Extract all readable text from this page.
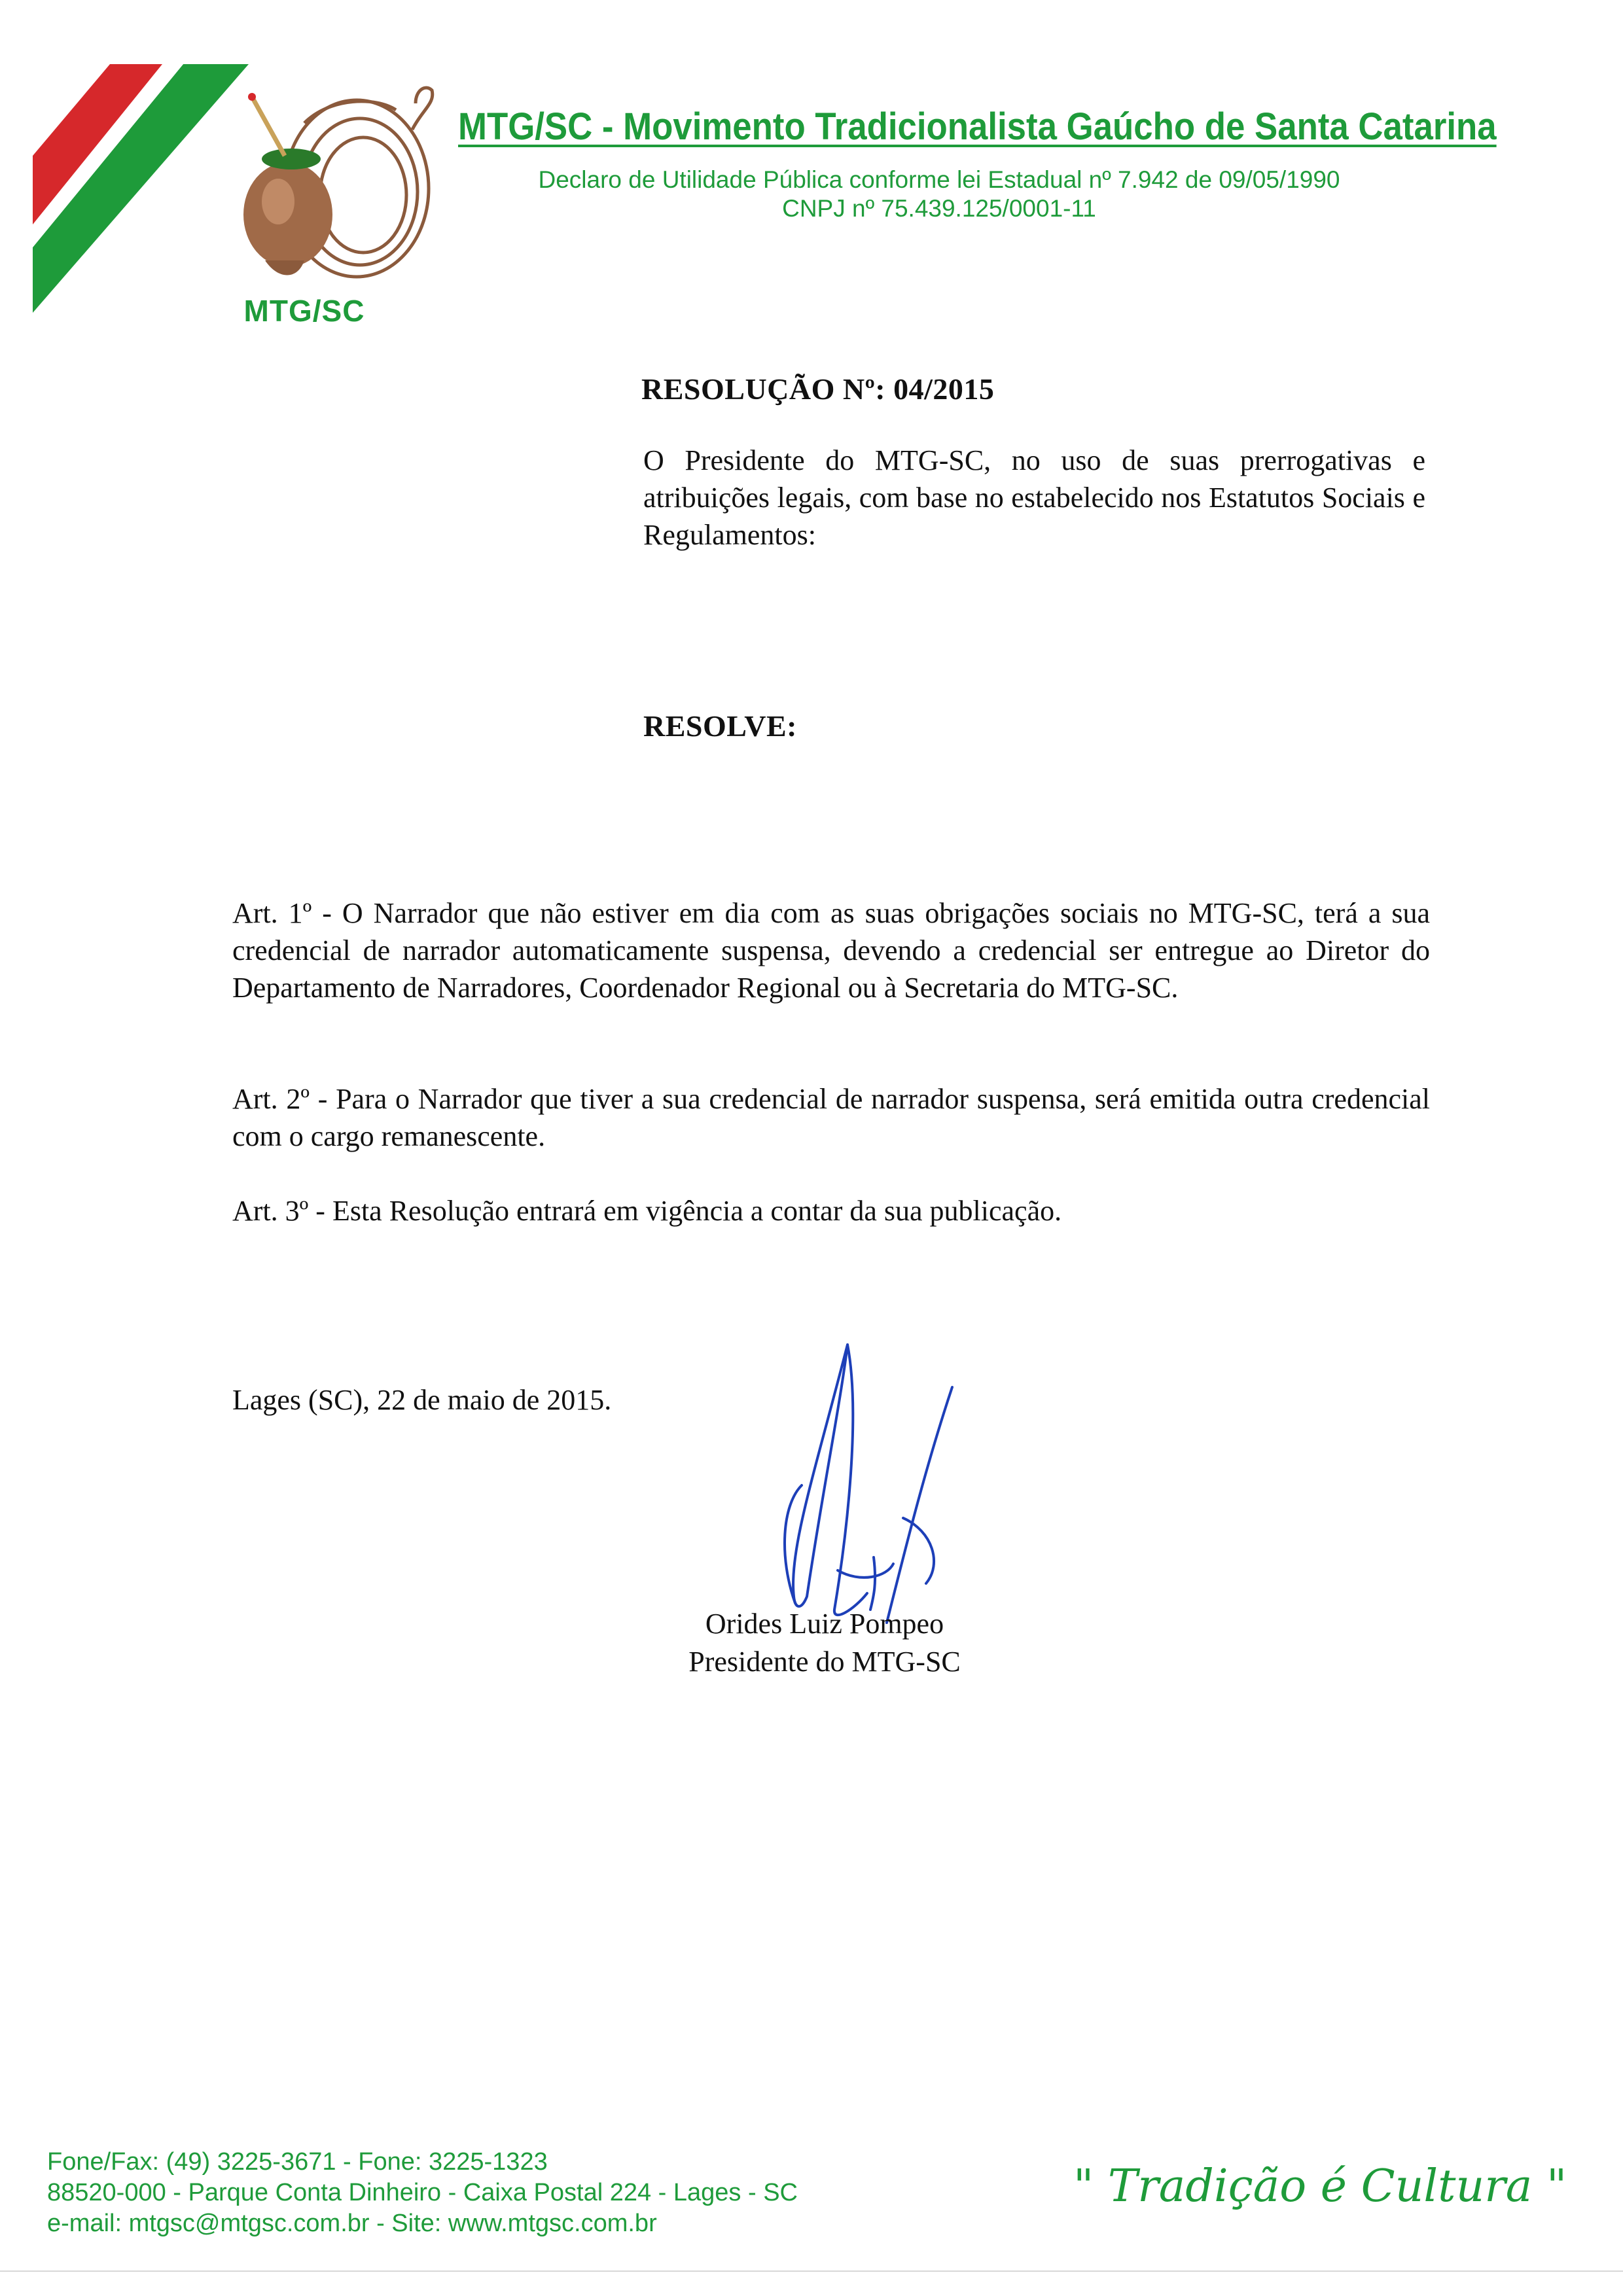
MTG/SC
MTG/SC - Movimento Tradicionalista Gaúcho de Santa Catarina
Declaro de Utilidade Pública conforme lei Estadual nº 7.942 de 09/05/1990
CNPJ nº 75.439.125/0001-11
RESOLUÇÃO Nº: 04/2015
O Presidente do MTG-SC, no uso de suas prerrogativas e atribuições legais, com base no estabelecido nos Estatutos Sociais e Regulamentos:
RESOLVE:
Art. 1º - O Narrador que não estiver em dia com as suas obrigações sociais no MTG-SC, terá a sua credencial de narrador automaticamente suspensa, devendo a credencial ser entregue ao Diretor do Departamento de Narradores, Coordenador Regional ou à Secretaria do MTG-SC.
Art. 2º - Para o Narrador que tiver a sua credencial de narrador suspensa, será emitida outra credencial com o cargo remanescente.
Art. 3º - Esta Resolução entrará em vigência a contar da sua publicação.
Lages (SC), 22 de maio de 2015.
Orides Luiz Pompeo
Presidente do MTG-SC
Fone/Fax: (49) 3225-3671 - Fone: 3225-1323
88520-000 - Parque Conta Dinheiro - Caixa Postal 224 - Lages - SC
e-mail: mtgsc@mtgsc.com.br - Site: www.mtgsc.com.br
" Tradição é Cultura "
